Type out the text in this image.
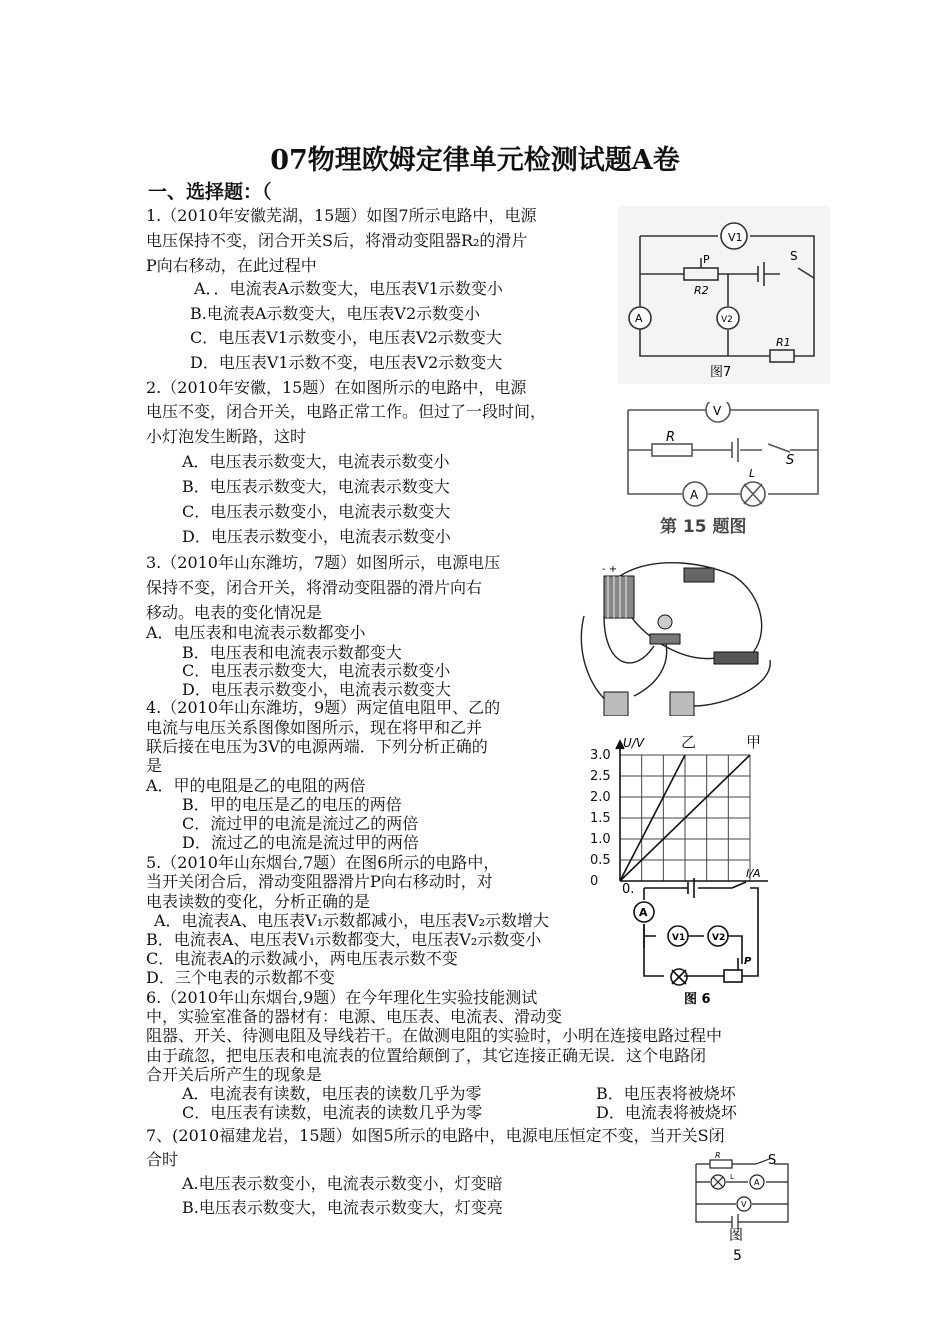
07物理欧姆定律单元检测试题A卷
一、选择题：（
1.（2010年安徽芜湖，15题）如图7所示电路中，电源
电压保持不变，闭合开关S后，将滑动变阻器R₂的滑片
P向右移动，在此过程中
A．．电流表A示数变大，电压表V1示数变小
B.电流表A示数变大，电压表V2示数变小
C．电压表V1示数变小，电压表V2示数变大
D．电压表V1示数不变，电压表V2示数变大
V1
P
R2
S
A	V2
R1
图7
2.（2010年安徽，15题）在如图所示的电路中，电源
电压不变，闭合开关，电路正常工作。但过了一段时间，
小灯泡发生断路，这时
A．电压表示数变大，电流表示数变小
B．电压表示数变大，电流表示数变大
C．电压表示数变小，电流表示数变大
D．电压表示数变小，电流表示数变小
V
R
S
A
L
第 15 题图
3.（2010年山东潍坊，7题）如图所示，电源电压
保持不变，闭合开关，将滑动变阻器的滑片向右
移动。电表的变化情况是
A．电压表和电流表示数都变小
B．电压表和电流表示数都变大
C．电压表示数变大，电流表示数变小
D．电压表示数变小，电流表示数变大
- +
4.（2010年山东潍坊，9题）两定值电阻甲、乙的
电流与电压关系图像如图所示，现在将甲和乙并
联后接在电压为3V的电源两端．下列分析正确的
是
A．甲的电阻是乙的电阻的两倍
B．甲的电压是乙的电压的两倍
C．流过甲的电流是流过乙的两倍
D．流过乙的电流是流过甲的两倍
3.0
2.5
2.0
1.5
1.0
0.5
0
乙	甲
U/V
I/A
0.
5.（2010年山东烟台,7题）在图6所示的电路中，
当开关闭合后，滑动变阻器滑片P向右移动时，对
电表读数的变化，分析正确的是
A．电流表A、电压表V₁示数都减小，电压表V₂示数增大
B．电流表A、电压表V₁示数都变大，电压表V₂示数变小
C．电流表A的示数减小，两电压表示数不变
D．三个电表的示数都不变
A
V1	V2
P
图 6
6.（2010年山东烟台,9题）在今年理化生实验技能测试
中，实验室准备的器材有：电源、电压表、电流表、滑动变
阻器、开关、待测电阻及导线若干。在做测电阻的实验时，小明在连接电路过程中
由于疏忽，把电压表和电流表的位置给颠倒了，其它连接正确无误．这个电路闭
合开关后所产生的现象是
A．电流表有读数，电压表的读数几乎为零	B．电压表将被烧坏
C．电压表有读数，电流表的读数几乎为零	D．电流表将被烧坏
7、(2010福建龙岩，15题）如图5所示的电路中，电源电压恒定不变，当开关S闭
合时
A.电压表示数变小，电流表示数变小，灯变暗
B.电压表示数变大，电流表示数变大，灯变亮
R	S
L
A
V
图
5
